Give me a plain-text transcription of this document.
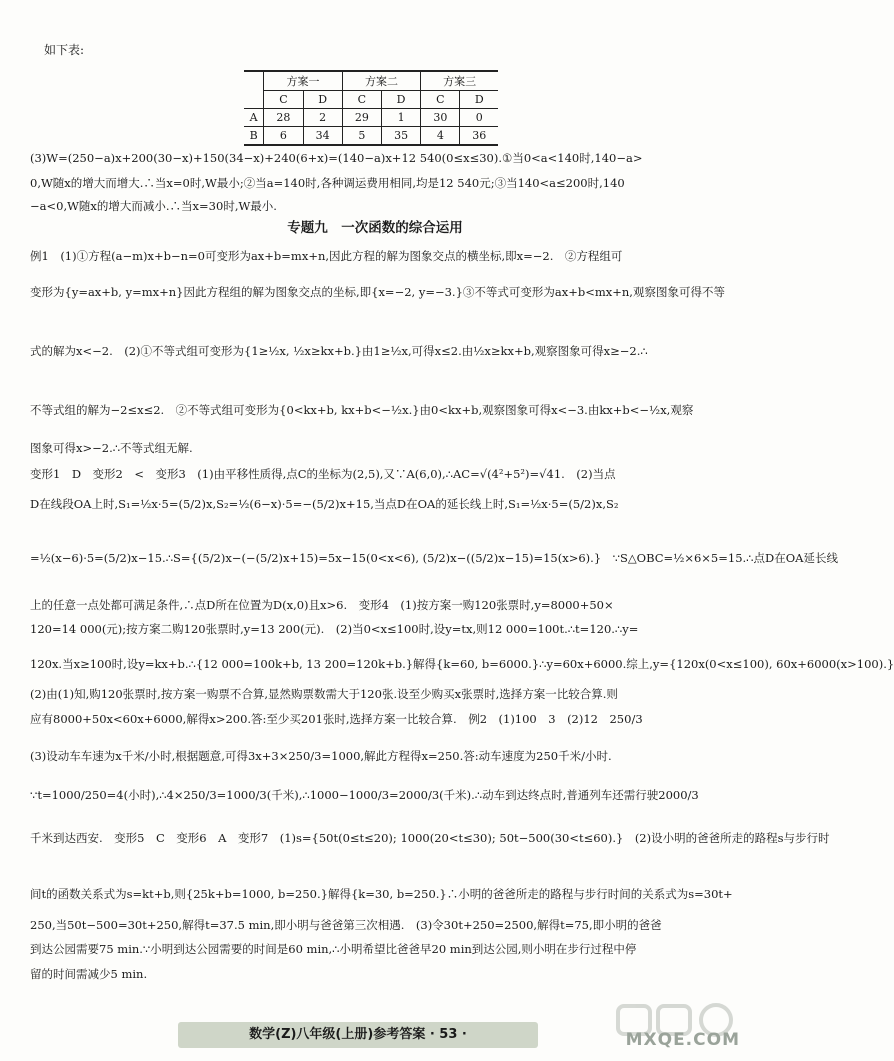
如下表:
	方案一		方案二		方案三	
	C	D	C	D	C	D
A	28	2	29	1	30	0
B	6	34	5	35	4	36
(3)W=(250−a)x+200(30−x)+150(34−x)+240(6+x)=(140−a)x+12 540(0≤x≤30).①当0<a<140时,140−a>
0,W随x的增大而增大.∴当x=0时,W最小;②当a=140时,各种调运费用相同,均是12 540元;③当140<a≤200时,140
−a<0,W随x的增大而减小.∴当x=30时,W最小.
专题九　一次函数的综合运用
例1　(1)①方程(a−m)x+b−n=0可变形为ax+b=mx+n,因此方程的解为图象交点的横坐标,即x=−2.　②方程组可
变形为{y=ax+b, y=mx+n}因此方程组的解为图象交点的坐标,即{x=−2, y=−3.}③不等式可变形为ax+b<mx+n,观察图象可得不等
式的解为x<−2.　(2)①不等式组可变形为{1≥½x, ½x≥kx+b.}由1≥½x,可得x≤2.由½x≥kx+b,观察图象可得x≥−2.∴
不等式组的解为−2≤x≤2.　②不等式组可变形为{0<kx+b, kx+b<−½x.}由0<kx+b,观察图象可得x<−3.由kx+b<−½x,观察
图象可得x>−2.∴不等式组无解.
变形1　D　变形2　<　变形3　(1)由平移性质得,点C的坐标为(2,5),又∵A(6,0),∴AC=√(4²+5²)=√41.　(2)当点
D在线段OA上时,S₁=½x·5=(5/2)x,S₂=½(6−x)·5=−(5/2)x+15,当点D在OA的延长线上时,S₁=½x·5=(5/2)x,S₂
=½(x−6)·5=(5/2)x−15.∴S={(5/2)x−(−(5/2)x+15)=5x−15(0<x<6), (5/2)x−((5/2)x−15)=15(x>6).}　∵S△OBC=½×6×5=15.∴点D在OA延长线
上的任意一点处都可满足条件,∴点D所在位置为D(x,0)且x>6.　变形4　(1)按方案一购120张票时,y=8000+50×
120=14 000(元);按方案二购120张票时,y=13 200(元).　(2)当0<x≤100时,设y=tx,则12 000=100t.∴t=120.∴y=
120x.当x≥100时,设y=kx+b.∴{12 000=100k+b, 13 200=120k+b.}解得{k=60, b=6000.}∴y=60x+6000.综上,y={120x(0<x≤100), 60x+6000(x>100).}
(2)由(1)知,购120张票时,按方案一购票不合算,显然购票数需大于120张.设至少购买x张票时,选择方案一比较合算.则
应有8000+50x<60x+6000,解得x>200.答:至少买201张时,选择方案一比较合算.　例2　(1)100　3　(2)12　250/3
(3)设动车车速为x千米/小时,根据题意,可得3x+3×250/3=1000,解此方程得x=250.答:动车速度为250千米/小时.
∵t=1000/250=4(小时),∴4×250/3=1000/3(千米),∴1000−1000/3=2000/3(千米).∴动车到达终点时,普通列车还需行驶2000/3
千米到达西安.　变形5　C　变形6　A　变形7　(1)s={50t(0≤t≤20); 1000(20<t≤30); 50t−500(30<t≤60).}　(2)设小明的爸爸所走的路程s与步行时
间t的函数关系式为s=kt+b,则{25k+b=1000, b=250.}解得{k=30, b=250.}∴小明的爸爸所走的路程与步行时间的关系式为s=30t+
250,当50t−500=30t+250,解得t=37.5 min,即小明与爸爸第三次相遇.　(3)令30t+250=2500,解得t=75,即小明的爸爸
到达公园需要75 min.∵小明到达公园需要的时间是60 min,∴小明希望比爸爸早20 min到达公园,则小明在步行过程中停
留的时间需减少5 min.
数学(Z)八年级(上册)参考答案 · 53 ·	MXQE.COM
